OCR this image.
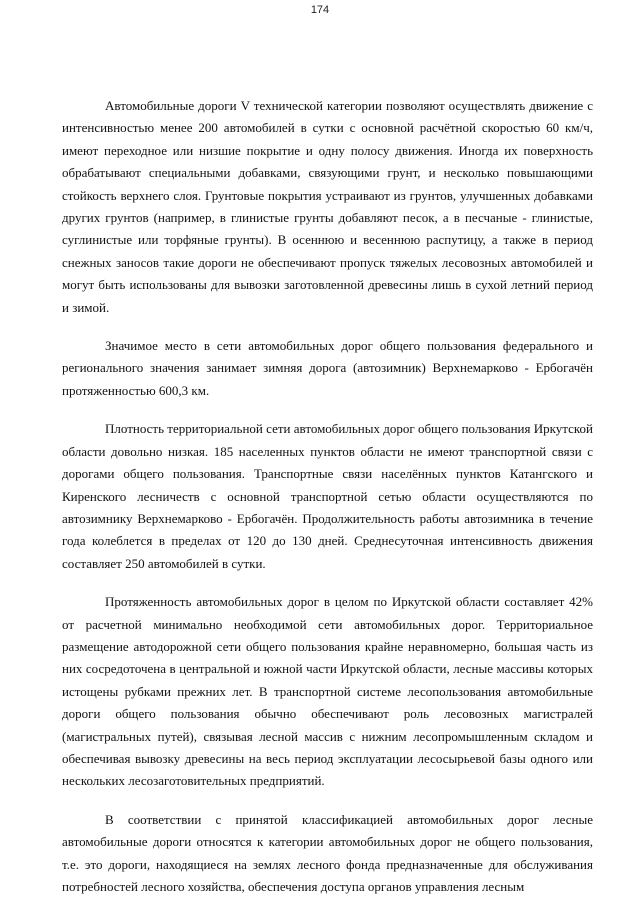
174

Автомобильные дороги V технической категории позволяют осуществлять движение с интенсивностью менее 200 автомобилей в сутки с основной расчётной скоростью 60 км/ч, имеют переходное или низшие покрытие и одну полосу движения. Иногда их поверхность обрабатывают специальными добавками, связующими грунт, и несколько повышающими стойкость верхнего слоя. Грунтовые покрытия устраивают из грунтов, улучшенных добавками других грунтов (например, в глинистые грунты добавляют песок, а в песчаные - глинистые, суглинистые или торфяные грунты). В осеннюю и весеннюю распутицу, а также в период снежных заносов такие дороги не обеспечивают пропуск тяжелых лесовозных автомобилей и могут быть использованы для вывозки заготовленной древесины лишь в сухой летний период и зимой.

Значимое место в сети автомобильных дорог общего пользования федерального и регионального значения занимает зимняя дорога (автозимник) Верхнемарково - Ербогачён протяженностью 600,3 км.

Плотность территориальной сети автомобильных дорог общего пользования Иркутской области довольно низкая. 185 населенных пунктов области не имеют транспортной связи с дорогами общего пользования. Транспортные связи населённых пунктов Катангского и Киренского лесничеств с основной транспортной сетью области осуществляются по автозимнику Верхнемарково - Ербогачён. Продолжительность работы автозимника в течение года колеблется в пределах от 120 до 130 дней. Среднесуточная интенсивность движения составляет 250 автомобилей в сутки.

Протяженность автомобильных дорог в целом по Иркутской области составляет 42% от расчетной минимально необходимой сети автомобильных дорог. Территориальное размещение автодорожной сети общего пользования крайне неравномерно, большая часть из них сосредоточена в центральной и южной части Иркутской области, лесные массивы которых истощены рубками прежних лет. В транспортной системе лесопользования автомобильные дороги общего пользования обычно обеспечивают роль лесовозных магистралей (магистральных путей), связывая лесной массив с нижним лесопромышленным складом и обеспечивая вывозку древесины на весь период эксплуатации лесосырьевой базы одного или нескольких лесозаготовительных предприятий.

В соответствии с принятой классификацией автомобильных дорог лесные автомобильные дороги относятся к категории автомобильных дорог не общего пользования, т.е. это дороги, находящиеся на землях лесного фонда предназначенные для обслуживания потребностей лесного хозяйства, обеспечения доступа органов управления лесным
